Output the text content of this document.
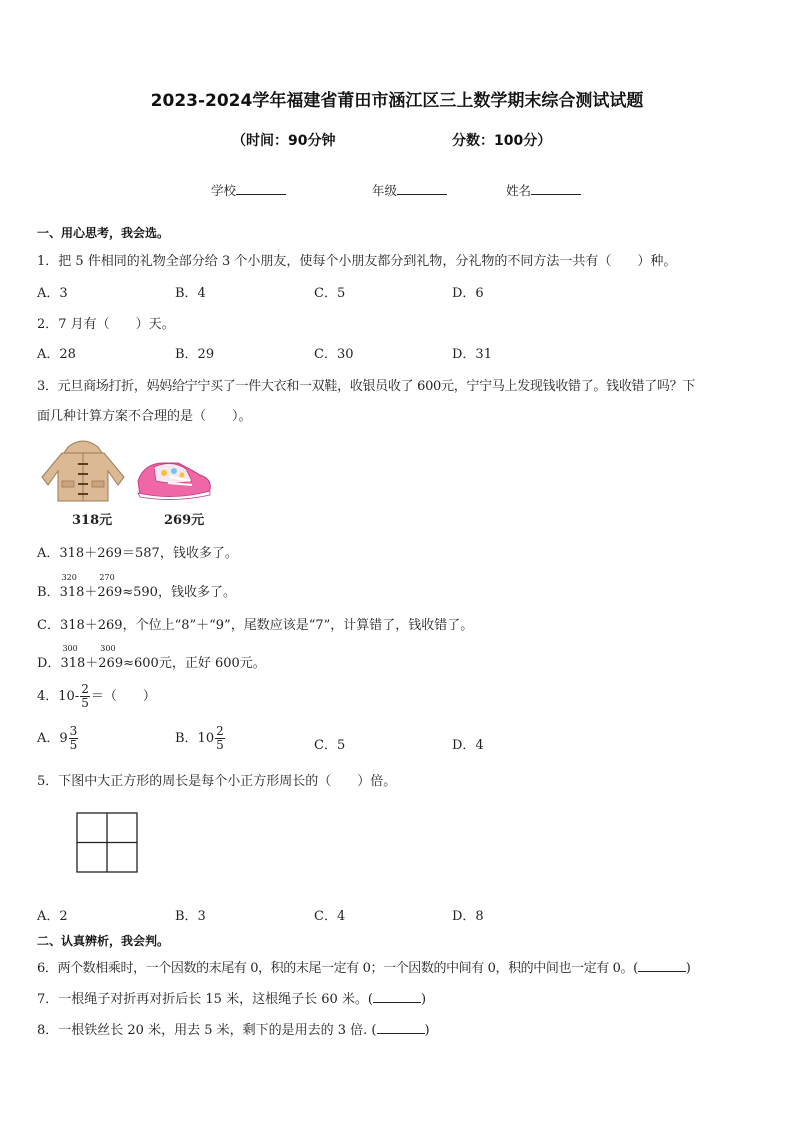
2023-2024学年福建省莆田市涵江区三上数学期末综合测试试题
（时间：90分钟	分数：100分）
学校	年级	姓名
一、用心思考，我会选。
1．把 5 件相同的礼物全部分给 3 个小朋友，使每个小朋友都分到礼物，分礼物的不同方法一共有（　　）种。
A．3	B．4	C．5	D．6
2．7 月有（　　）天。
A．28	B．29	C．30	D．31
3．元旦商场打折，妈妈给宁宁买了一件大衣和一双鞋，收银员收了 600元，宁宁马上发现钱收错了。钱收错了吗？下
面几种计算方案不合理的是（　　）。
318元	269元
A．318＋269＝587，钱收多了。
B．
320
318＋
270
269≈590，钱收多了。
C．318＋269，个位上“8”＋“9”，尾数应该是“7”，计算错了，钱收错了。
D．
300
318＋
300
269≈600元，正好 600元。
4．$10- \frac{2}{5}$ ＝（　　）
A．$9 \frac{3}{5}$	B．$10 \frac{2}{5}$	C．5	D．4
5．下图中大正方形的周长是每个小正方形周长的（　　）倍。
A．2	B．3	C．4	D．8
二、认真辨析，我会判。
6．两个数相乘时，一个因数的末尾有 0，积的末尾一定有 0；一个因数的中间有 0，积的中间也一定有 0。(	)
7．一根绳子对折再对折后长 15 米，这根绳子长 60 米。(	)
8．一根铁丝长 20 米，用去 5 米，剩下的是用去的 3 倍. (	)
